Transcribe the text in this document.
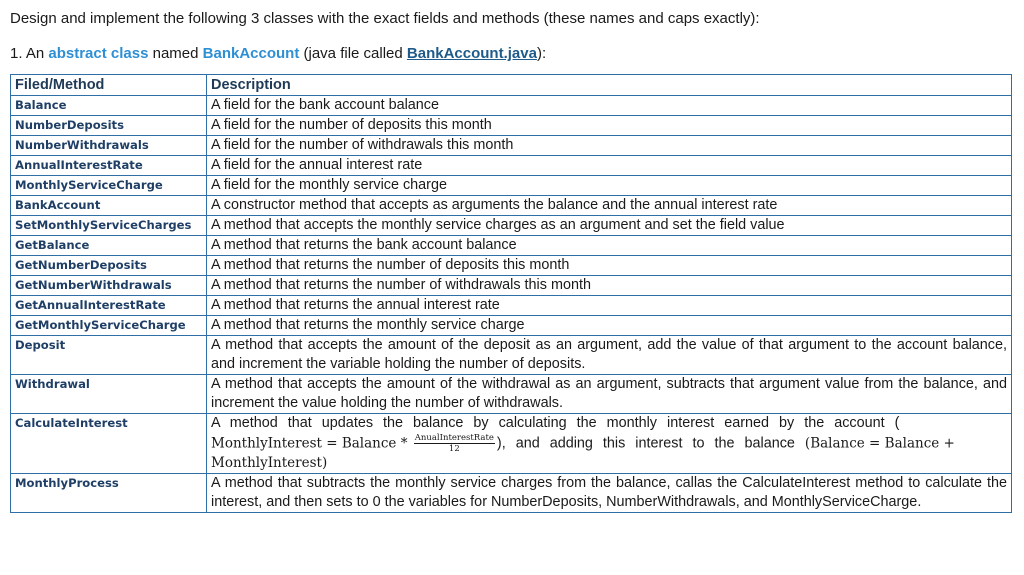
Design and implement the following 3 classes with the exact fields and methods (these names and caps exactly):
1. An abstract class named BankAccount (java file called BankAccount.java):
Filed/Method	Description
Balance	A field for the bank account balance
NumberDeposits	A field for the number of deposits this month
NumberWithdrawals	A field for the number of withdrawals this month
AnnualInterestRate	A field for the annual interest rate
MonthlyServiceCharge	A field for the monthly service charge
BankAccount	A constructor method that accepts as arguments the balance and the annual interest rate
SetMonthlyServiceCharges	A method that accepts the monthly service charges as an argument and set the field value
GetBalance	A method that returns the bank account balance
GetNumberDeposits	A method that returns the number of deposits this month
GetNumberWithdrawals	A method that returns the number of withdrawals this month
GetAnnualInterestRate	A method that returns the annual interest rate
GetMonthlyServiceCharge	A method that returns the monthly service charge
Deposit	A method that accepts the amount of the deposit as an argument, add the value of that argument to the account balance, and increment the variable holding the number of deposits.
Withdrawal	A method that accepts the amount of the withdrawal as an argument, subtracts that argument value from the balance, and increment the value holding the number of withdrawals.
CalculateInterest	A method that updates the balance by calculating the monthly interest earned by the account (
MonthlyInterest = Balance * $\frac{\text{AnualInterestRate}}{12}$ ), and adding this interest to the balance (Balance = Balance + MonthlyInterest)
MonthlyProcess	A method that subtracts the monthly service charges from the balance, callas the CalculateInterest method to calculate the interest, and then sets to 0 the variables for NumberDeposits, NumberWithdrawals, and MonthlyServiceCharge.
